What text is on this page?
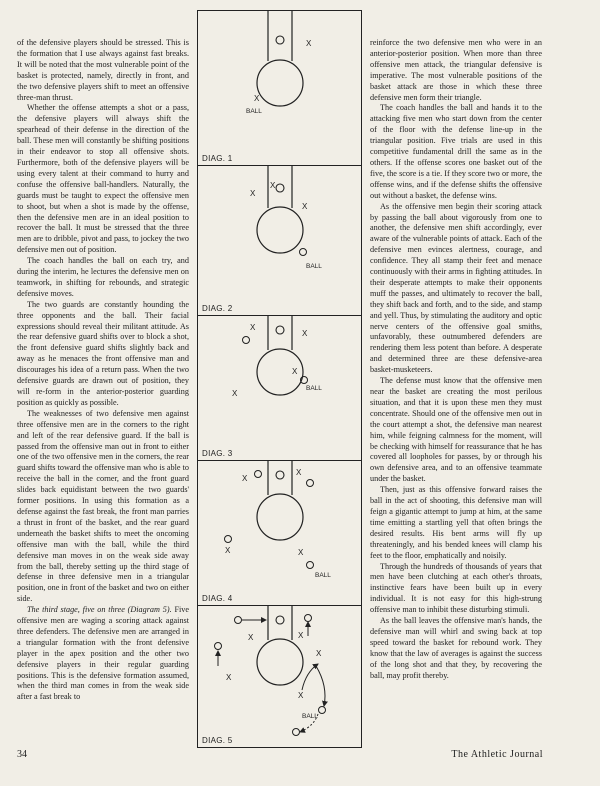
of the defensive players should be stressed. This is the formation that I use always against fast breaks. It will be noted that the most vulnerable point of the basket is protected, namely, directly in front, and the two defensive players shift to meet an offensive three-man thrust.

Whether the offense attempts a shot or a pass, the defensive players will always shift the spearhead of their defense in the direction of the ball. These men will constantly be shifting positions in their endeavor to stop all offensive shots. Furthermore, both of the defensive players will be using every talent at their command to hurry and confuse the offensive ball-handlers. Naturally, the guards must be taught to expect the offensive men to shoot, but when a shot is made by the offense, then the defensive men are in an ideal position to recover the ball. It must be stressed that the three men are to dribble, pivot and pass, to jockey the two defensive men out of position.

The coach handles the ball on each try, and during the interim, he lectures the defensive men on teamwork, in shifting for rebounds, and strategic defensive moves.

The two guards are constantly hounding the three opponents and the ball. Their facial expressions should reveal their militant attitude. As the rear defensive guard shifts over to block a shot, the front defensive guard shifts slightly back and away as he menaces the front offensive man and discourages his idea of a return pass. When the two defensive guards are drawn out of position, they will re-form in the anterior-posterior guarding position as quickly as possible.

The weaknesses of two defensive men against three offensive men are in the corners to the right and left of the rear defensive guard. If the ball is passed from the offensive man out in front to either one of the two offensive men in the corners, the rear guard shifts toward the offensive man who is able to receive the ball in the corner, and the front guard slides back equidistant between the two guards' former positions. In using this formation as a defense against the fast break, the front man parries a thrust in front of the basket, and the rear guard underneath the basket shifts to meet the oncoming offensive man with the ball, while the third defensive man moves in on the weak side away from the ball, thereby setting up the third stage of defense in three defensive men in a triangular position, one in front of the basket and two on either side.

The third stage, five on three (Diagram 5). Five offensive men are waging a scoring attack against three defenders. The defensive men are arranged in a triangular formation with the front defensive player in the apex position and the other two defensive players in their regular guarding positions. This is the defensive formation assumed, when the third man comes in from the weak side after a fast break to

X
X
BALL
DIAG. 1
X
X
X
BALL
DIAG. 2
X
X
X
X
BALL
DIAG. 3
X
X
X	X
BALL
DIAG. 4
X	X
X
X
X
BALL
DIAG. 5

reinforce the two defensive men who were in an anterior-posterior position. When more than three offensive men attack, the triangular defensive is imperative. The most vulnerable positions of the basket attack are those in which these three defensive men form their triangle.

The coach handles the ball and hands it to the attacking five men who start down from the center of the floor with the defense line-up in the triangular position. Five trials are used in this competitive fundamental drill the same as in the others. If the offense scores one basket out of the five, the score is a tie. If they score two or more, the offense wins, and if the defense shifts the offensive out without a basket, the defense wins.

As the offensive men begin their scoring attack by passing the ball about vigorously from one to another, the defensive men shift accordingly, ever aware of the vulnerable points of attack. Each of the defensive men evinces alertness, courage, and confidence. They all stamp their feet and menace continuously with their arms in fighting attitudes. In their desperate attempts to make their opponents muff the passes, and ultimately to recover the ball, they shift back and forth, and to the side, and stamp and yell. Thus, by stimulating the auditory and optic nerve centers of the offensive goal smiths, unfavorably, these outnumbered defenders are rendering them less potent than before. A desperate and determined three are these defensive-area basket-musketeers.

The defense must know that the offensive men near the basket are creating the most perilous situation, and that it is upon these men they must concentrate. Should one of the offensive men out in the court attempt a shot, the defensive man nearest him, while feigning calmness for the moment, will be checking with himself for reassurance that he has covered all loopholes for passes, by or through his own defensive area, and to an offensive teammate under the basket.

Then, just as this offensive forward raises the ball in the act of shooting, this defensive man will feign a gigantic attempt to jump at him, at the same time emitting a startling yell that often brings the desired results. His bent arms will fly up threateningly, and his bended knees will clamp his feet to the floor, emphatically and noisily.

Through the hundreds of thousands of years that men have been clutching at each other's throats, instinctive fears have been built up in every individual. It is not easy for this high-strung offensive man to inhibit these disturbing stimuli.

As the ball leaves the offensive man's hands, the defensive man will whirl and swing back at top speed toward the basket for rebound work. They know that the law of averages is against the success of the long shot and that they, by recovering the ball, may profit thereby.

34	The Athletic Journal
